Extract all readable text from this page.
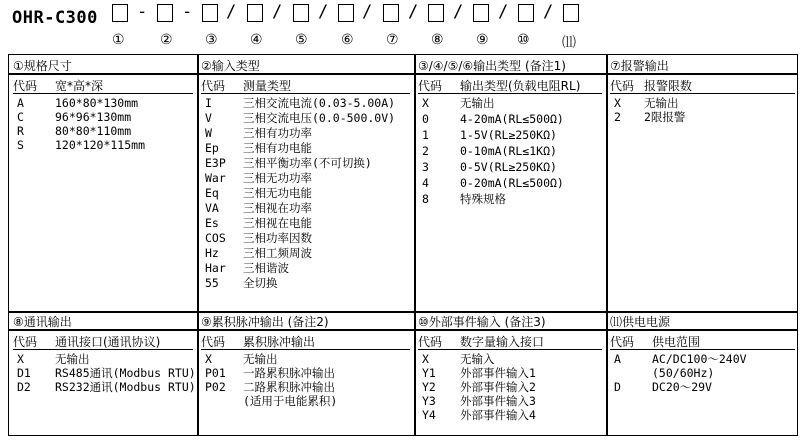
OHR-C300
①	② ③ ④ ⑤ ⑥ ⑦ ⑧ ⑨ ⑩ ⑾
- - / / / / / / / /
①规格尺寸
代码 宽*高*深
A	160*80*130mm
C	96*96*130mm
R	80*80*110mm
S	120*120*115mm
②输入类型
代码 测量类型
I	三相交流电流(0.03-5.00A)
V	三相交流电压(0.0-500.0V)
W	三相有功功率
Ep 三相有功电能
E3P 三相平衡功率(不可切换)
War 三相无功功率
Eq 三相无功电能
VA 三相视在功率
Es 三相视在电能
COS 三相功率因数
Hz 三相工频周波
Har 三相谐波
55 全切换
③/④/⑤/⑥输出类型 (备注1)
代码 输出类型(负载电阻RL)
X	无输出
0	4-20mA(RL≤500Ω)
1	1-5V(RL≥250KΩ)
2	0-10mA(RL≤1KΩ)
3	0-5V(RL≥250KΩ)
4	0-20mA(RL≤500Ω)
8	特殊规格
⑦报警输出
代码 报警限数
X 无输出
2 2限报警
⑧通讯输出
代码 通讯接口(通讯协议)
X	无输出
D1 RS485通讯(Modbus RTU)
D2 RS232通讯(Modbus RTU)
⑨累积脉冲输出 (备注2)
代码 累积脉冲输出
X	无输出
P01 一路累积脉冲输出
P02 二路累积脉冲输出
(适用于电能累积)
⑩外部事件输入 (备注3)
代码 数字量输入接口
X	无输入
Y1 外部事件输入1
Y2 外部事件输入2
Y3 外部事件输入3
Y4 外部事件输入4
⑾供电电源
代码 供电范围
A	AC/DC100～240V
(50/60Hz)
D	DC20～29V
